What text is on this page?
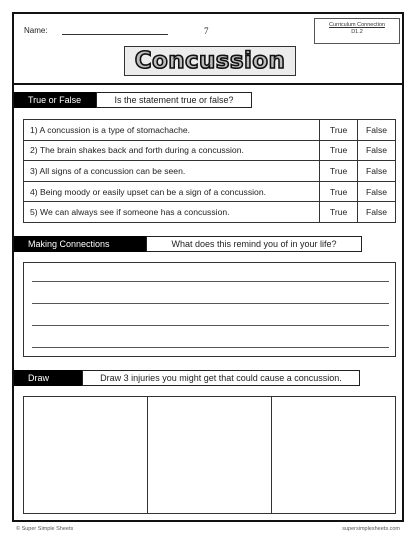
Name:	7
Curriculum Connection
D1.2
Concussion
True or False	Is the statement true or false?
1) A concussion is a type of stomachache.	True	False
2) The brain shakes back and forth during a concussion.	True	False
3) All signs of a concussion can be seen.	True	False
4) Being moody or easily upset can be a sign of a concussion.	True	False
5) We can always see if someone has a concussion.	True	False
Making Connections	What does this remind you of in your life?
Draw	Draw 3 injuries you might get that could cause a concussion.
© Super Simple Sheets	supersimplesheets.com
